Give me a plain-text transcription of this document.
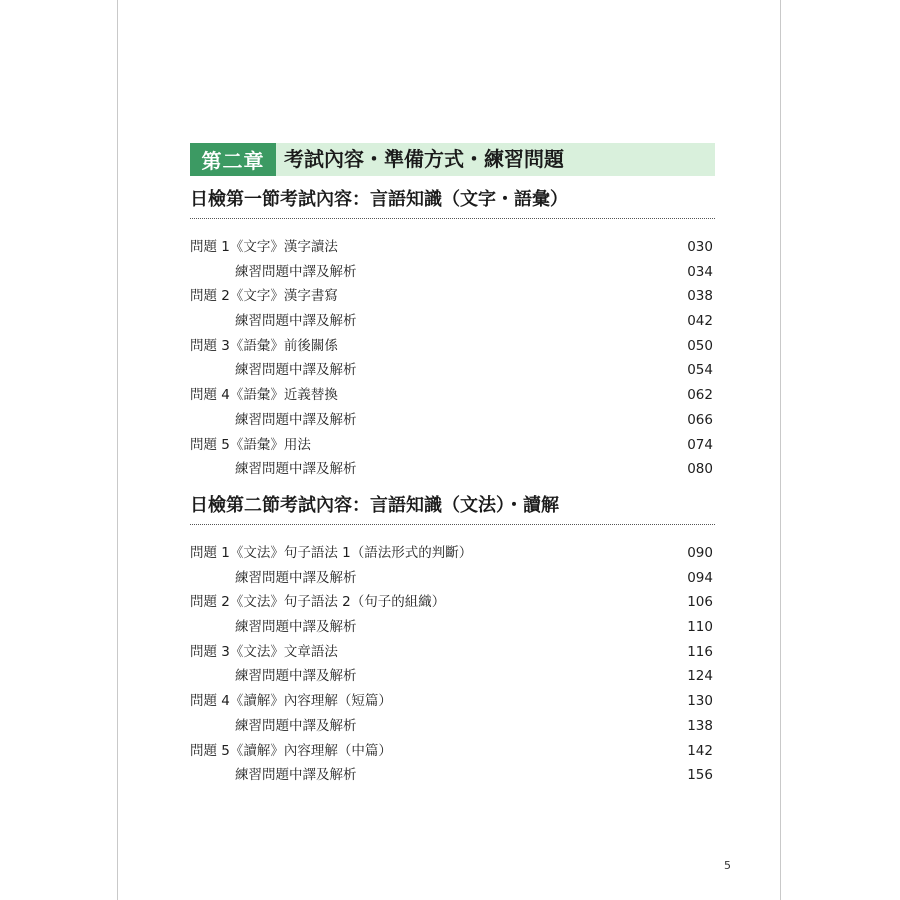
第二章 考試內容・準備方式・練習問題
日檢第一節考試內容：言語知識（文字・語彙）
問題 1《文字》漢字讀法	030
練習問題中譯及解析	034
問題 2《文字》漢字書寫	038
練習問題中譯及解析	042
問題 3《語彙》前後關係	050
練習問題中譯及解析	054
問題 4《語彙》近義替換	062
練習問題中譯及解析	066
問題 5《語彙》用法	074
練習問題中譯及解析	080
日檢第二節考試內容：言語知識（文法）・讀解
問題 1《文法》句子語法 1（語法形式的判斷）	090
練習問題中譯及解析	094
問題 2《文法》句子語法 2（句子的組織）	106
練習問題中譯及解析	110
問題 3《文法》文章語法	116
練習問題中譯及解析	124
問題 4《讀解》內容理解（短篇）	130
練習問題中譯及解析	138
問題 5《讀解》內容理解（中篇）	142
練習問題中譯及解析	156
5
